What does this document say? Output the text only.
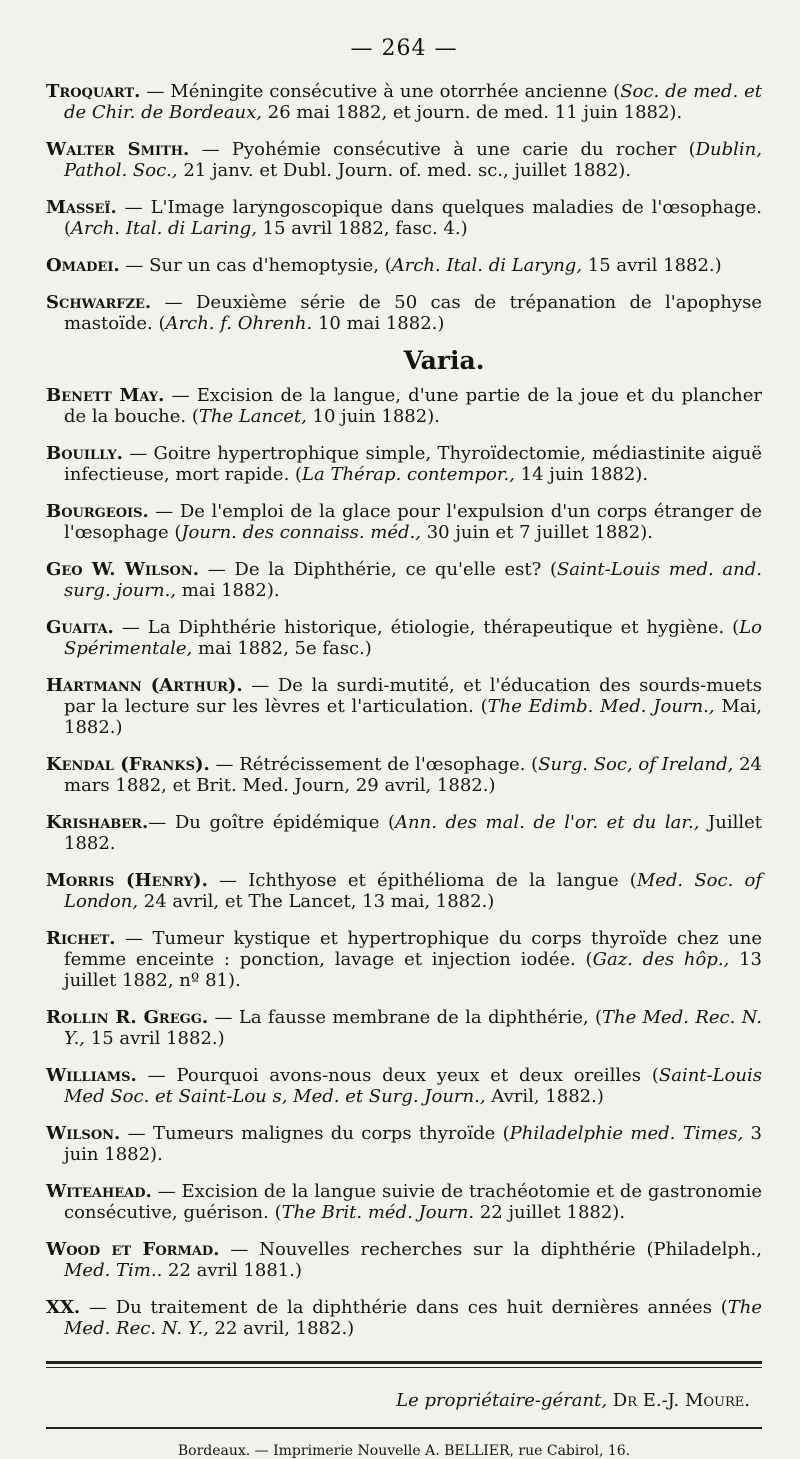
— 264 —

Troquart. — Méningite consécutive à une otorrhée ancienne (Soc. de med. et de Chir. de Bordeaux, 26 mai 1882, et journ. de med. 11 juin 1882).

Walter Smith. — Pyohémie consécutive à une carie du rocher (Dublin, Pathol. Soc., 21 janv. et Dubl. Journ. of. med. sc., juillet 1882).

Masseï. — L'Image laryngoscopique dans quelques maladies de l'œsophage. (Arch. Ital. di Laring, 15 avril 1882, fasc. 4.)

Omadei. — Sur un cas d'hemoptysie, (Arch. Ital. di Laryng, 15 avril 1882.)

Schwarfze. — Deuxième série de 50 cas de trépanation de l'apophyse mastoïde. (Arch. f. Ohrenh. 10 mai 1882.)

Varia.

Benett May. — Excision de la langue, d'une partie de la joue et du plancher de la bouche. (The Lancet, 10 juin 1882).

Bouilly. — Goitre hypertrophique simple, Thyroïdectomie, médiastinite aiguë infectieuse, mort rapide. (La Thérap. contempor., 14 juin 1882).

Bourgeois. — De l'emploi de la glace pour l'expulsion d'un corps étranger de l'œsophage (Journ. des connaiss. méd., 30 juin et 7 juillet 1882).

Geo W. Wilson. — De la Diphthérie, ce qu'elle est? (Saint-Louis med. and. surg. journ., mai 1882).

Guaita. — La Diphthérie historique, étiologie, thérapeutique et hygiène. (Lo Spérimentale, mai 1882, 5e fasc.)

Hartmann (Arthur). — De la surdi-mutité, et l'éducation des sourds-muets par la lecture sur les lèvres et l'articulation. (The Edimb. Med. Journ., Mai, 1882.)

Kendal (Franks). — Rétrécissement de l'œsophage. (Surg. Soc, of Ireland, 24 mars 1882, et Brit. Med. Journ, 29 avril, 1882.)

Krishaber.— Du goître épidémique (Ann. des mal. de l'or. et du lar., Juillet 1882.

Morris (Henry). — Ichthyose et épithélioma de la langue (Med. Soc. of London, 24 avril, et The Lancet, 13 mai, 1882.)

Richet. — Tumeur kystique et hypertrophique du corps thyroïde chez une femme enceinte : ponction, lavage et injection iodée. (Gaz. des hôp., 13 juillet 1882, nº 81).

Rollin R. Gregg. — La fausse membrane de la diphthérie, (The Med. Rec. N. Y., 15 avril 1882.)

Williams. — Pourquoi avons-nous deux yeux et deux oreilles (Saint-Louis Med Soc. et Saint-Lou s, Med. et Surg. Journ., Avril, 1882.)

Wilson. — Tumeurs malignes du corps thyroïde (Philadelphie med. Times, 3 juin 1882).

Witeahead. — Excision de la langue suivie de trachéotomie et de gastronomie consécutive, guérison. (The Brit. méd. Journ. 22 juillet 1882).

Wood et Formad. — Nouvelles recherches sur la diphthérie (Philadelph., Med. Tim.. 22 avril 1881.)

XX. — Du traitement de la diphthérie dans ces huit dernières années (The Med. Rec. N. Y., 22 avril, 1882.)

Le propriétaire-gérant, Dr E.-J. Moure.
Bordeaux. — Imprimerie Nouvelle A. BELLIER, rue Cabirol, 16.
